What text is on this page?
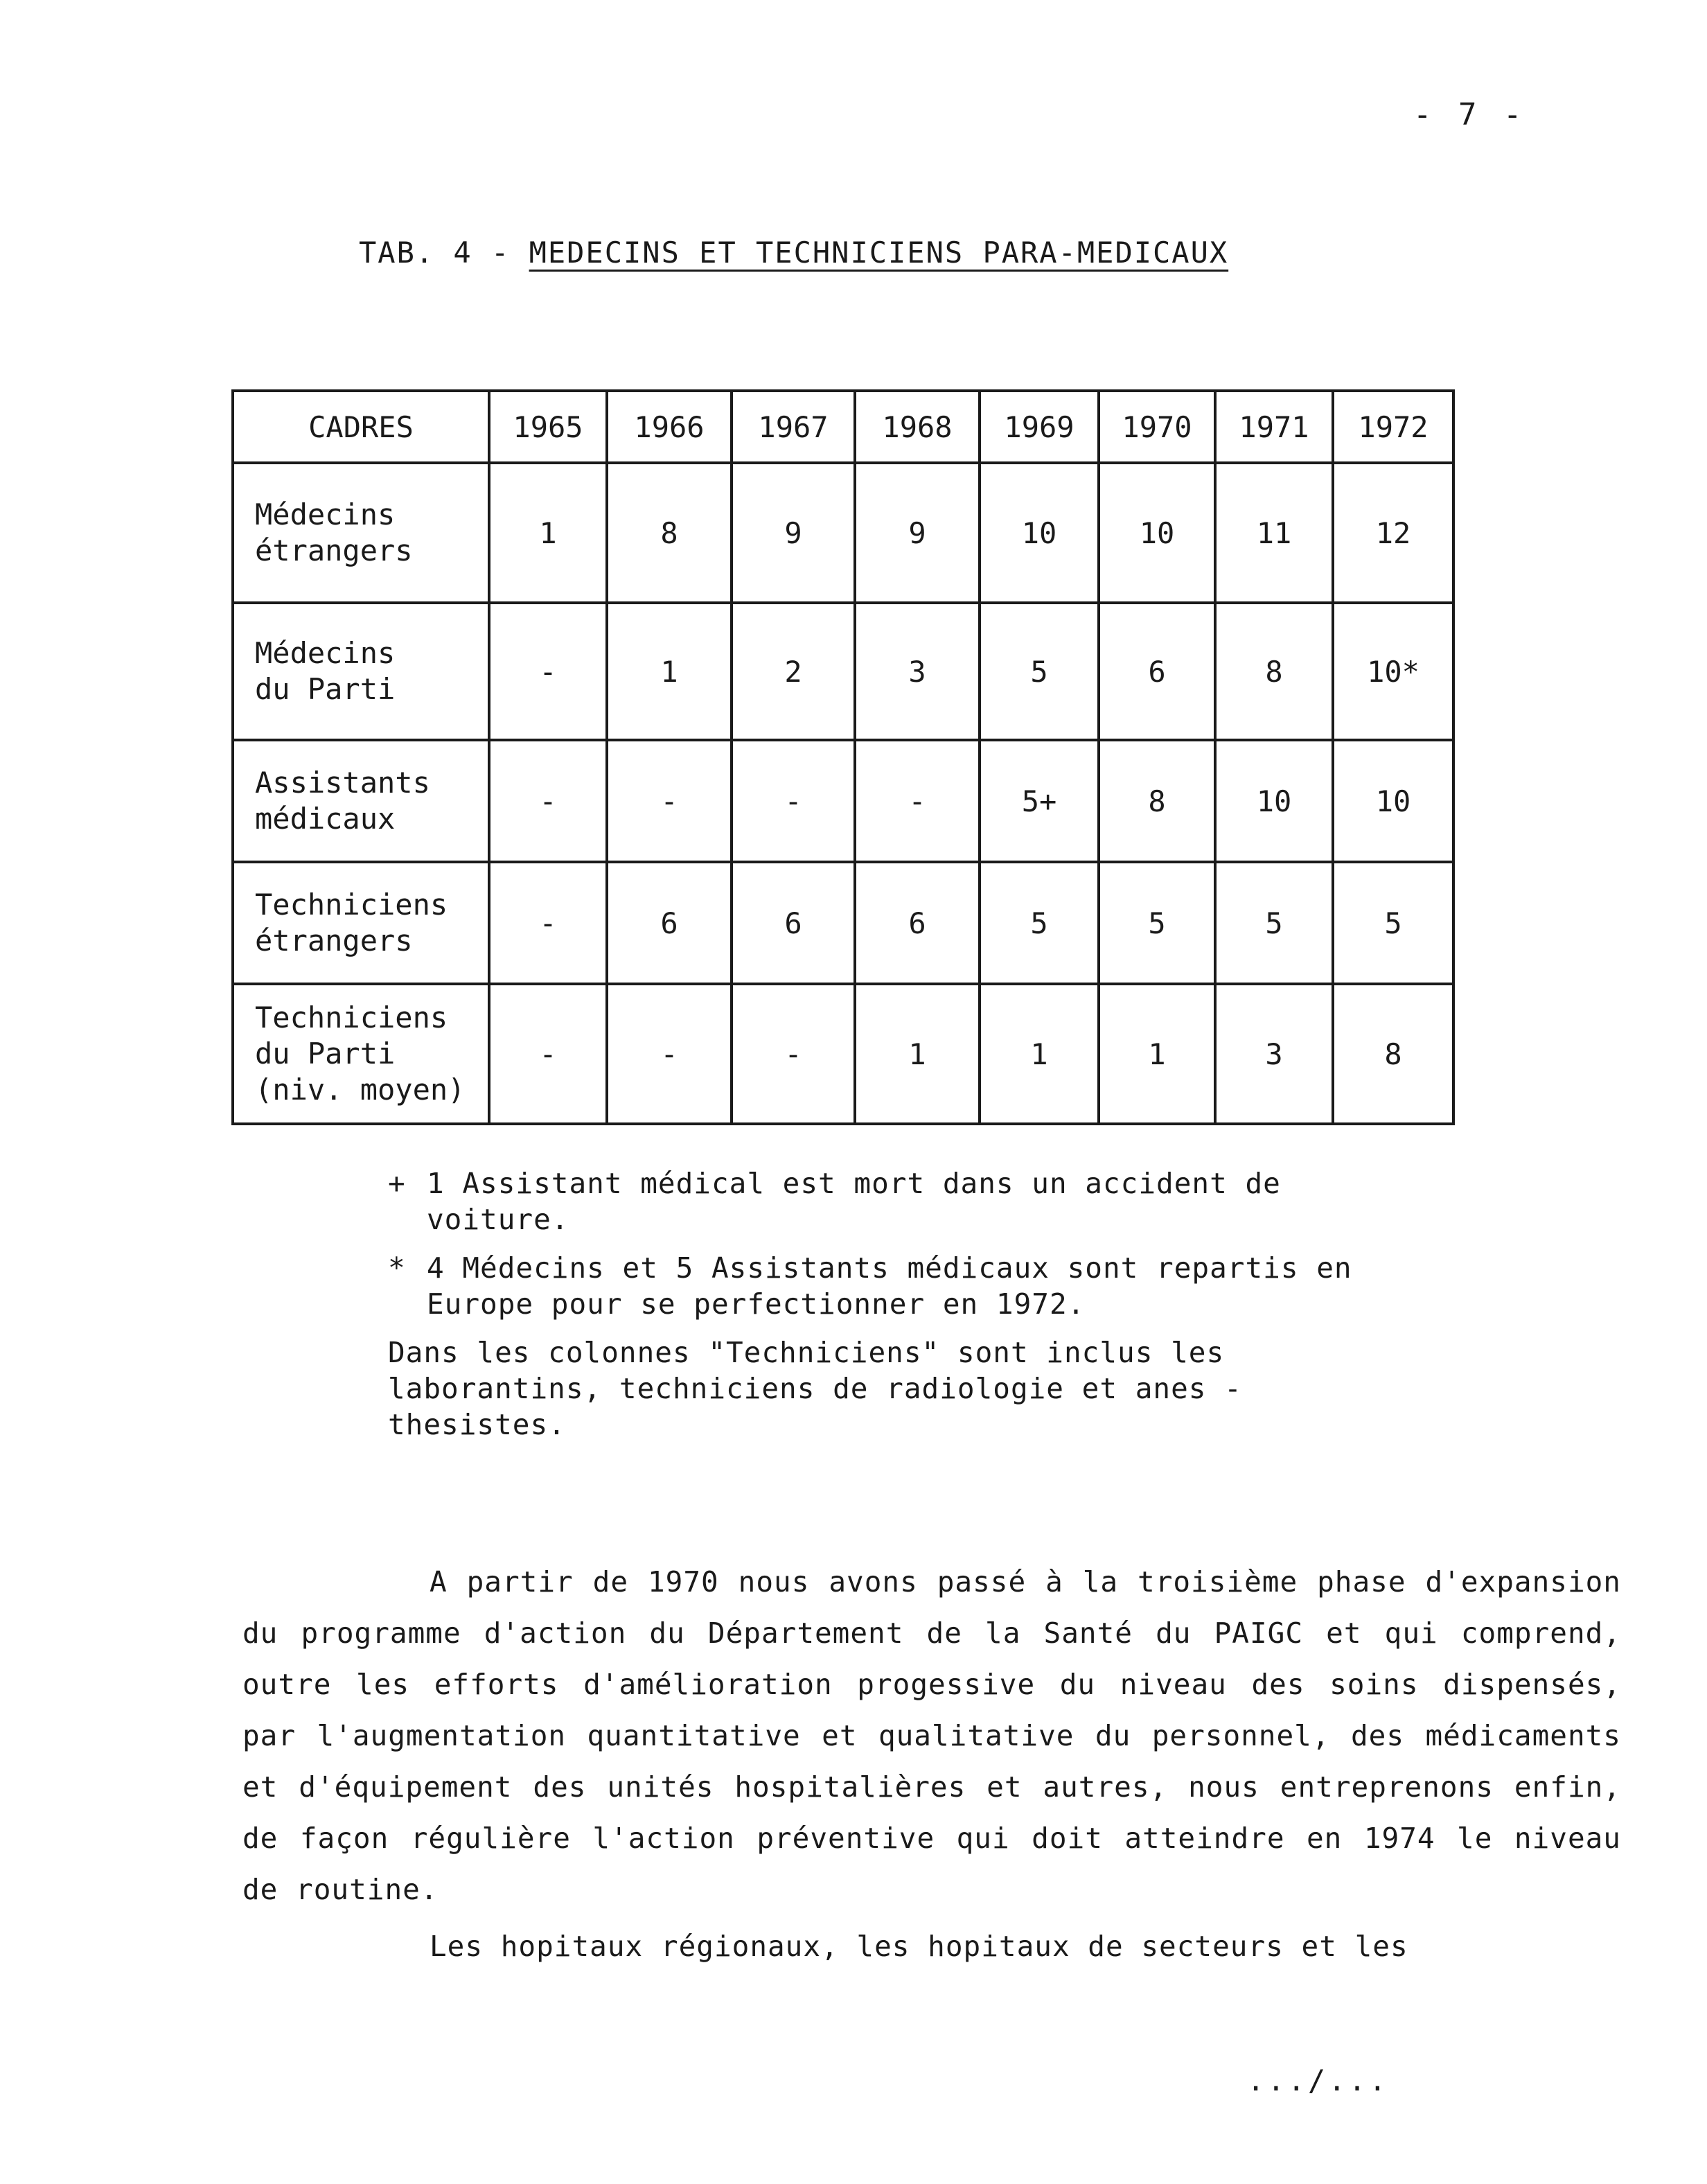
- 7 -
TAB. 4 - MEDECINS ET TECHNICIENS PARA-MEDICAUX
CADRES	1965	1966	1967	1968	1969	1970	1971	1972
Médecins
étrangers	1	8	9	9	10	10	11	12
Médecins
du Parti	-	1	2	3	5	6	8	10*
Assistants
médicaux	-	-	-	-	5+	8	10	10
Techniciens
étrangers	-	6	6	6	5	5	5	5
Techniciens
du Parti
(niv. moyen)	-	-	-	1	1	1	3	8
+ 1 Assistant médical est mort dans un accident de voiture.
* 4 Médecins et 5 Assistants médicaux sont repartis en Europe pour se perfectionner en 1972.
Dans les colonnes "Techniciens" sont inclus les laborantins, techniciens de radiologie et anes - thesistes.

A partir de 1970 nous avons passé à la troisième phase d'expansion du programme d'action du Département de la Santé du PAIGC et qui comprend, outre les efforts d'amélioration progessive du niveau des soins dispensés, par l'augmentation quantitative et qualitative du personnel, des médicaments et d'équipement des unités hospitalières et autres, nous entreprenons enfin, de façon régulière l'action préventive qui doit atteindre en 1974 le niveau de routine.

Les hopitaux régionaux, les hopitaux de secteurs et les

.../...
